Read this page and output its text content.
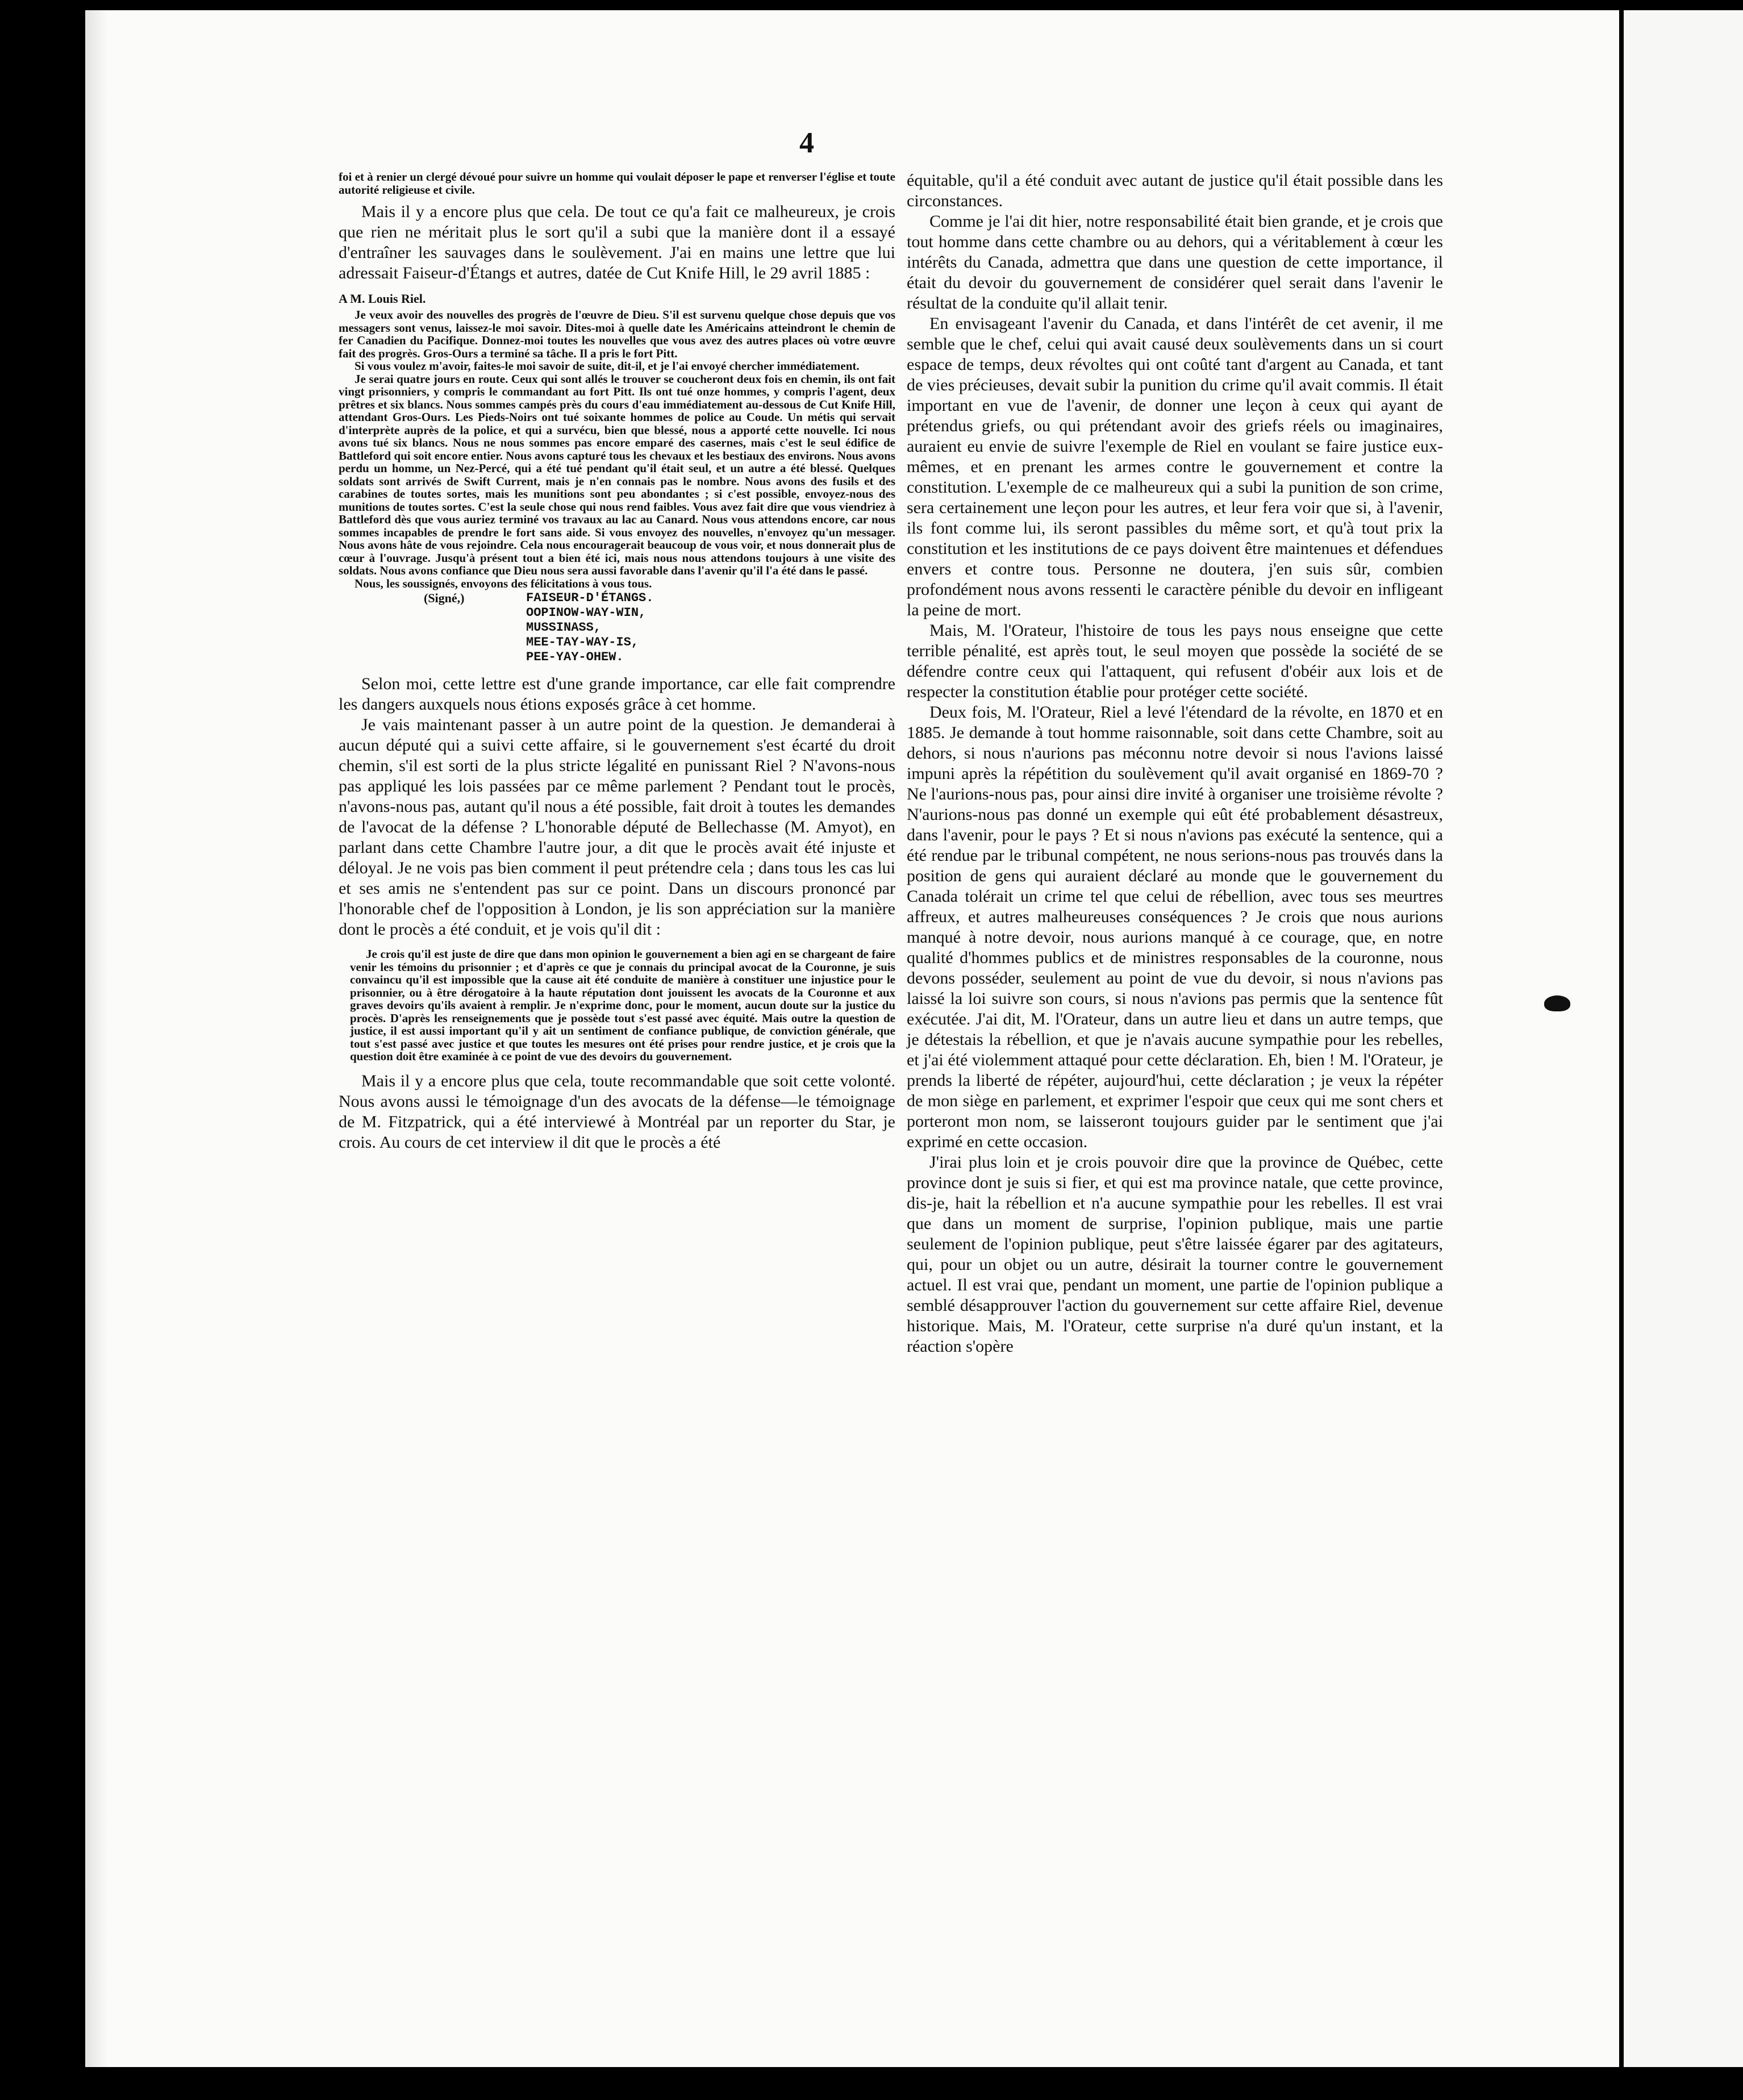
4

foi et à renier un clergé dévoué pour suivre un homme qui voulait déposer le pape et renverser l'église et toute autorité religieuse et civile.

Mais il y a encore plus que cela. De tout ce qu'a fait ce malheureux, je crois que rien ne méritait plus le sort qu'il a subi que la manière dont il a essayé d'entraîner les sauvages dans le soulèvement. J'ai en mains une lettre que lui adressait Faiseur-d'Étangs et autres, datée de Cut Knife Hill, le 29 avril 1885 :

A M. Louis Riel.

Je veux avoir des nouvelles des progrès de l'œuvre de Dieu. S'il est survenu quelque chose depuis que vos messagers sont venus, laissez-le moi savoir. Dites-moi à quelle date les Américains atteindront le chemin de fer Canadien du Pacifique. Donnez-moi toutes les nouvelles que vous avez des autres places où votre œuvre fait des progrès. Gros-Ours a terminé sa tâche. Il a pris le fort Pitt.

Si vous voulez m'avoir, faites-le moi savoir de suite, dit-il, et je l'ai envoyé chercher immédiatement.

Je serai quatre jours en route. Ceux qui sont allés le trouver se coucheront deux fois en chemin, ils ont fait vingt prisonniers, y compris le commandant au fort Pitt. Ils ont tué onze hommes, y compris l'agent, deux prêtres et six blancs. Nous sommes campés près du cours d'eau immédiatement au-dessous de Cut Knife Hill, attendant Gros-Ours. Les Pieds-Noirs ont tué soixante hommes de police au Coude. Un métis qui servait d'interprète auprès de la police, et qui a survécu, bien que blessé, nous a apporté cette nouvelle. Ici nous avons tué six blancs. Nous ne nous sommes pas encore emparé des casernes, mais c'est le seul édifice de Battleford qui soit encore entier. Nous avons capturé tous les chevaux et les bestiaux des environs. Nous avons perdu un homme, un Nez-Percé, qui a été tué pendant qu'il était seul, et un autre a été blessé. Quelques soldats sont arrivés de Swift Current, mais je n'en connais pas le nombre. Nous avons des fusils et des carabines de toutes sortes, mais les munitions sont peu abondantes ; si c'est possible, envoyez-nous des munitions de toutes sortes. C'est la seule chose qui nous rend faibles. Vous avez fait dire que vous viendriez à Battleford dès que vous auriez terminé vos travaux au lac au Canard. Nous vous attendons encore, car nous sommes incapables de prendre le fort sans aide. Si vous envoyez des nouvelles, n'envoyez qu'un messager. Nous avons hâte de vous rejoindre. Cela nous encouragerait beaucoup de vous voir, et nous donnerait plus de cœur à l'ouvrage. Jusqu'à présent tout a bien été ici, mais nous nous attendons toujours à une visite des soldats. Nous avons confiance que Dieu nous sera aussi favorable dans l'avenir qu'il l'a été dans le passé.

Nous, les soussignés, envoyons des félicitations à vous tous.

(Signé,)	FAISEUR-D'ÉTANGS.
OOPINOW-WAY-WIN,
MUSSINASS,
MEE-TAY-WAY-IS,
PEE-YAY-OHEW.

Selon moi, cette lettre est d'une grande importance, car elle fait comprendre les dangers auxquels nous étions exposés grâce à cet homme.

Je vais maintenant passer à un autre point de la question. Je demanderai à aucun député qui a suivi cette affaire, si le gouvernement s'est écarté du droit chemin, s'il est sorti de la plus stricte légalité en punissant Riel ? N'avons-nous pas appliqué les lois passées par ce même parlement ? Pendant tout le procès, n'avons-nous pas, autant qu'il nous a été possible, fait droit à toutes les demandes de l'avocat de la défense ? L'honorable député de Bellechasse (M. Amyot), en parlant dans cette Chambre l'autre jour, a dit que le procès avait été injuste et déloyal. Je ne vois pas bien comment il peut prétendre cela ; dans tous les cas lui et ses amis ne s'entendent pas sur ce point. Dans un discours prononcé par l'honorable chef de l'opposition à London, je lis son appréciation sur la manière dont le procès a été conduit, et je vois qu'il dit :

Je crois qu'il est juste de dire que dans mon opinion le gouvernement a bien agi en se chargeant de faire venir les témoins du prisonnier ; et d'après ce que je connais du principal avocat de la Couronne, je suis convaincu qu'il est impossible que la cause ait été conduite de manière à constituer une injustice pour le prisonnier, ou à être dérogatoire à la haute réputation dont jouissent les avocats de la Couronne et aux graves devoirs qu'ils avaient à remplir. Je n'exprime donc, pour le moment, aucun doute sur la justice du procès. D'après les renseignements que je possède tout s'est passé avec équité. Mais outre la question de justice, il est aussi important qu'il y ait un sentiment de confiance publique, de conviction générale, que tout s'est passé avec justice et que toutes les mesures ont été prises pour rendre justice, et je crois que la question doit être examinée à ce point de vue des devoirs du gouvernement.

Mais il y a encore plus que cela, toute recommandable que soit cette volonté. Nous avons aussi le témoignage d'un des avocats de la défense—le témoignage de M. Fitzpatrick, qui a été interviewé à Montréal par un reporter du Star, je crois. Au cours de cet interview il dit que le procès a été

équitable, qu'il a été conduit avec autant de justice qu'il était possible dans les circonstances.

Comme je l'ai dit hier, notre responsabilité était bien grande, et je crois que tout homme dans cette chambre ou au dehors, qui a véritablement à cœur les intérêts du Canada, admettra que dans une question de cette importance, il était du devoir du gouvernement de considérer quel serait dans l'avenir le résultat de la conduite qu'il allait tenir.

En envisageant l'avenir du Canada, et dans l'intérêt de cet avenir, il me semble que le chef, celui qui avait causé deux soulèvements dans un si court espace de temps, deux révoltes qui ont coûté tant d'argent au Canada, et tant de vies précieuses, devait subir la punition du crime qu'il avait commis. Il était important en vue de l'avenir, de donner une leçon à ceux qui ayant de prétendus griefs, ou qui prétendant avoir des griefs réels ou imaginaires, auraient eu envie de suivre l'exemple de Riel en voulant se faire justice eux-mêmes, et en prenant les armes contre le gouvernement et contre la constitution. L'exemple de ce malheureux qui a subi la punition de son crime, sera certainement une leçon pour les autres, et leur fera voir que si, à l'avenir, ils font comme lui, ils seront passibles du même sort, et qu'à tout prix la constitution et les institutions de ce pays doivent être maintenues et défendues envers et contre tous. Personne ne doutera, j'en suis sûr, combien profondément nous avons ressenti le caractère pénible du devoir en infligeant la peine de mort.

Mais, M. l'Orateur, l'histoire de tous les pays nous enseigne que cette terrible pénalité, est après tout, le seul moyen que possède la société de se défendre contre ceux qui l'attaquent, qui refusent d'obéir aux lois et de respecter la constitution établie pour protéger cette société.

Deux fois, M. l'Orateur, Riel a levé l'étendard de la révolte, en 1870 et en 1885. Je demande à tout homme raisonnable, soit dans cette Chambre, soit au dehors, si nous n'aurions pas méconnu notre devoir si nous l'avions laissé impuni après la répétition du soulèvement qu'il avait organisé en 1869-70 ? Ne l'aurions-nous pas, pour ainsi dire invité à organiser une troisième révolte ? N'aurions-nous pas donné un exemple qui eût été probablement désastreux, dans l'avenir, pour le pays ? Et si nous n'avions pas exécuté la sentence, qui a été rendue par le tribunal compétent, ne nous serions-nous pas trouvés dans la position de gens qui auraient déclaré au monde que le gouvernement du Canada tolérait un crime tel que celui de rébellion, avec tous ses meurtres affreux, et autres malheureuses conséquences ? Je crois que nous aurions manqué à notre devoir, nous aurions manqué à ce courage, que, en notre qualité d'hommes publics et de ministres responsables de la couronne, nous devons posséder, seulement au point de vue du devoir, si nous n'avions pas laissé la loi suivre son cours, si nous n'avions pas permis que la sentence fût exécutée. J'ai dit, M. l'Orateur, dans un autre lieu et dans un autre temps, que je détestais la rébellion, et que je n'avais aucune sympathie pour les rebelles, et j'ai été violemment attaqué pour cette déclaration. Eh, bien ! M. l'Orateur, je prends la liberté de répéter, aujourd'hui, cette déclaration ; je veux la répéter de mon siège en parlement, et exprimer l'espoir que ceux qui me sont chers et porteront mon nom, se laisseront toujours guider par le sentiment que j'ai exprimé en cette occasion.

J'irai plus loin et je crois pouvoir dire que la province de Québec, cette province dont je suis si fier, et qui est ma province natale, que cette province, dis-je, hait la rébellion et n'a aucune sympathie pour les rebelles. Il est vrai que dans un moment de surprise, l'opinion publique, mais une partie seulement de l'opinion publique, peut s'être laissée égarer par des agitateurs, qui, pour un objet ou un autre, désirait la tourner contre le gouvernement actuel. Il est vrai que, pendant un moment, une partie de l'opinion publique a semblé désapprouver l'action du gouvernement sur cette affaire Riel, devenue historique. Mais, M. l'Orateur, cette surprise n'a duré qu'un instant, et la réaction s'opère
